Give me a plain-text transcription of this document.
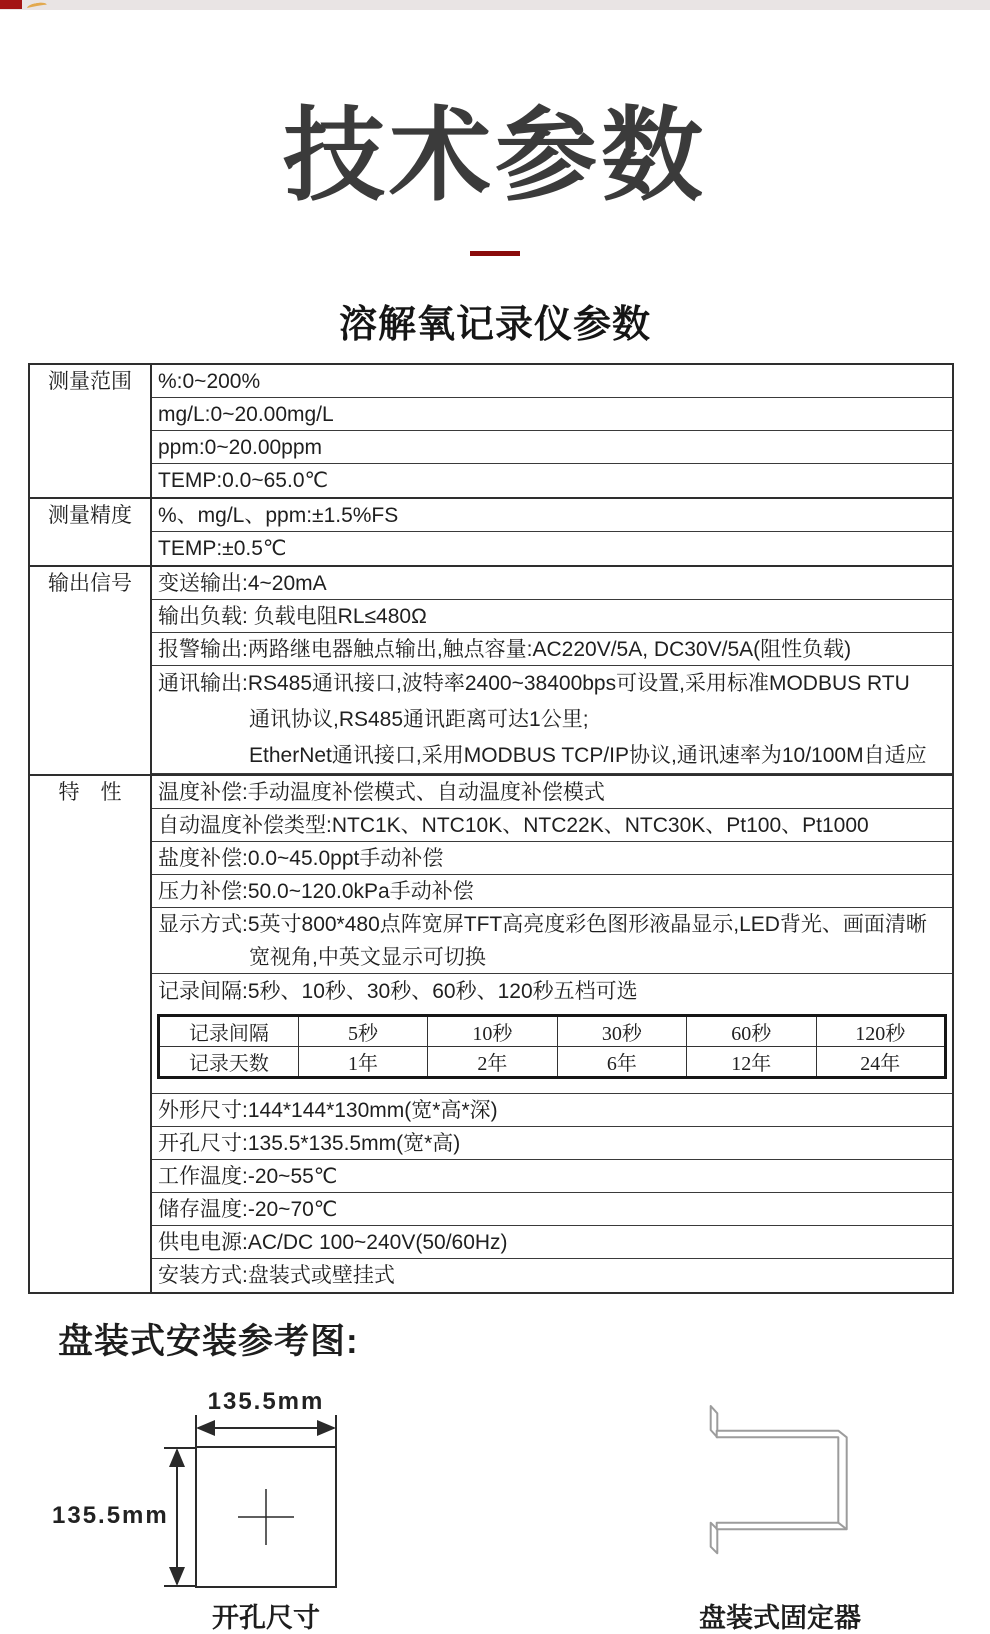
技术参数
溶解氧记录仪参数
测量范围	%:0~200%
mg/L:0~20.00mg/L
ppm:0~20.00ppm
TEMP:0.0~65.0℃
测量精度	%、mg/L、ppm:±1.5%FS
TEMP:±0.5℃
输出信号	变送输出:4~20mA
输出负载: 负载电阻RL≤480Ω
报警输出:两路继电器触点输出,触点容量:AC220V/5A, DC30V/5A(阻性负载)
通讯输出:RS485通讯接口,波特率2400~38400bps可设置,采用标准MODBUS RTU
通讯协议,RS485通讯距离可达1公里;
EtherNet通讯接口,采用MODBUS TCP/IP协议,通讯速率为10/100M自适应
特　性	温度补偿:手动温度补偿模式、自动温度补偿模式
自动温度补偿类型:NTC1K、NTC10K、NTC22K、NTC30K、Pt100、Pt1000
盐度补偿:0.0~45.0ppt手动补偿
压力补偿:50.0~120.0kPa手动补偿
显示方式:5英寸800*480点阵宽屏TFT高亮度彩色图形液晶显示,LED背光、画面清晰
宽视角,中英文显示可切换
记录间隔:5秒、10秒、30秒、60秒、120秒五档可选
记录间隔	5秒	10秒	30秒	60秒	120秒
记录天数	1年	2年	6年	12年	24年
外形尺寸:144*144*130mm(宽*高*深)
开孔尺寸:135.5*135.5mm(宽*高)
工作温度:-20~55℃
储存温度:-20~70℃
供电电源:AC/DC 100~240V(50/60Hz)
安装方式:盘装式或壁挂式
盘装式安装参考图:
135.5mm
135.5mm
开孔尺寸	盘装式固定器
